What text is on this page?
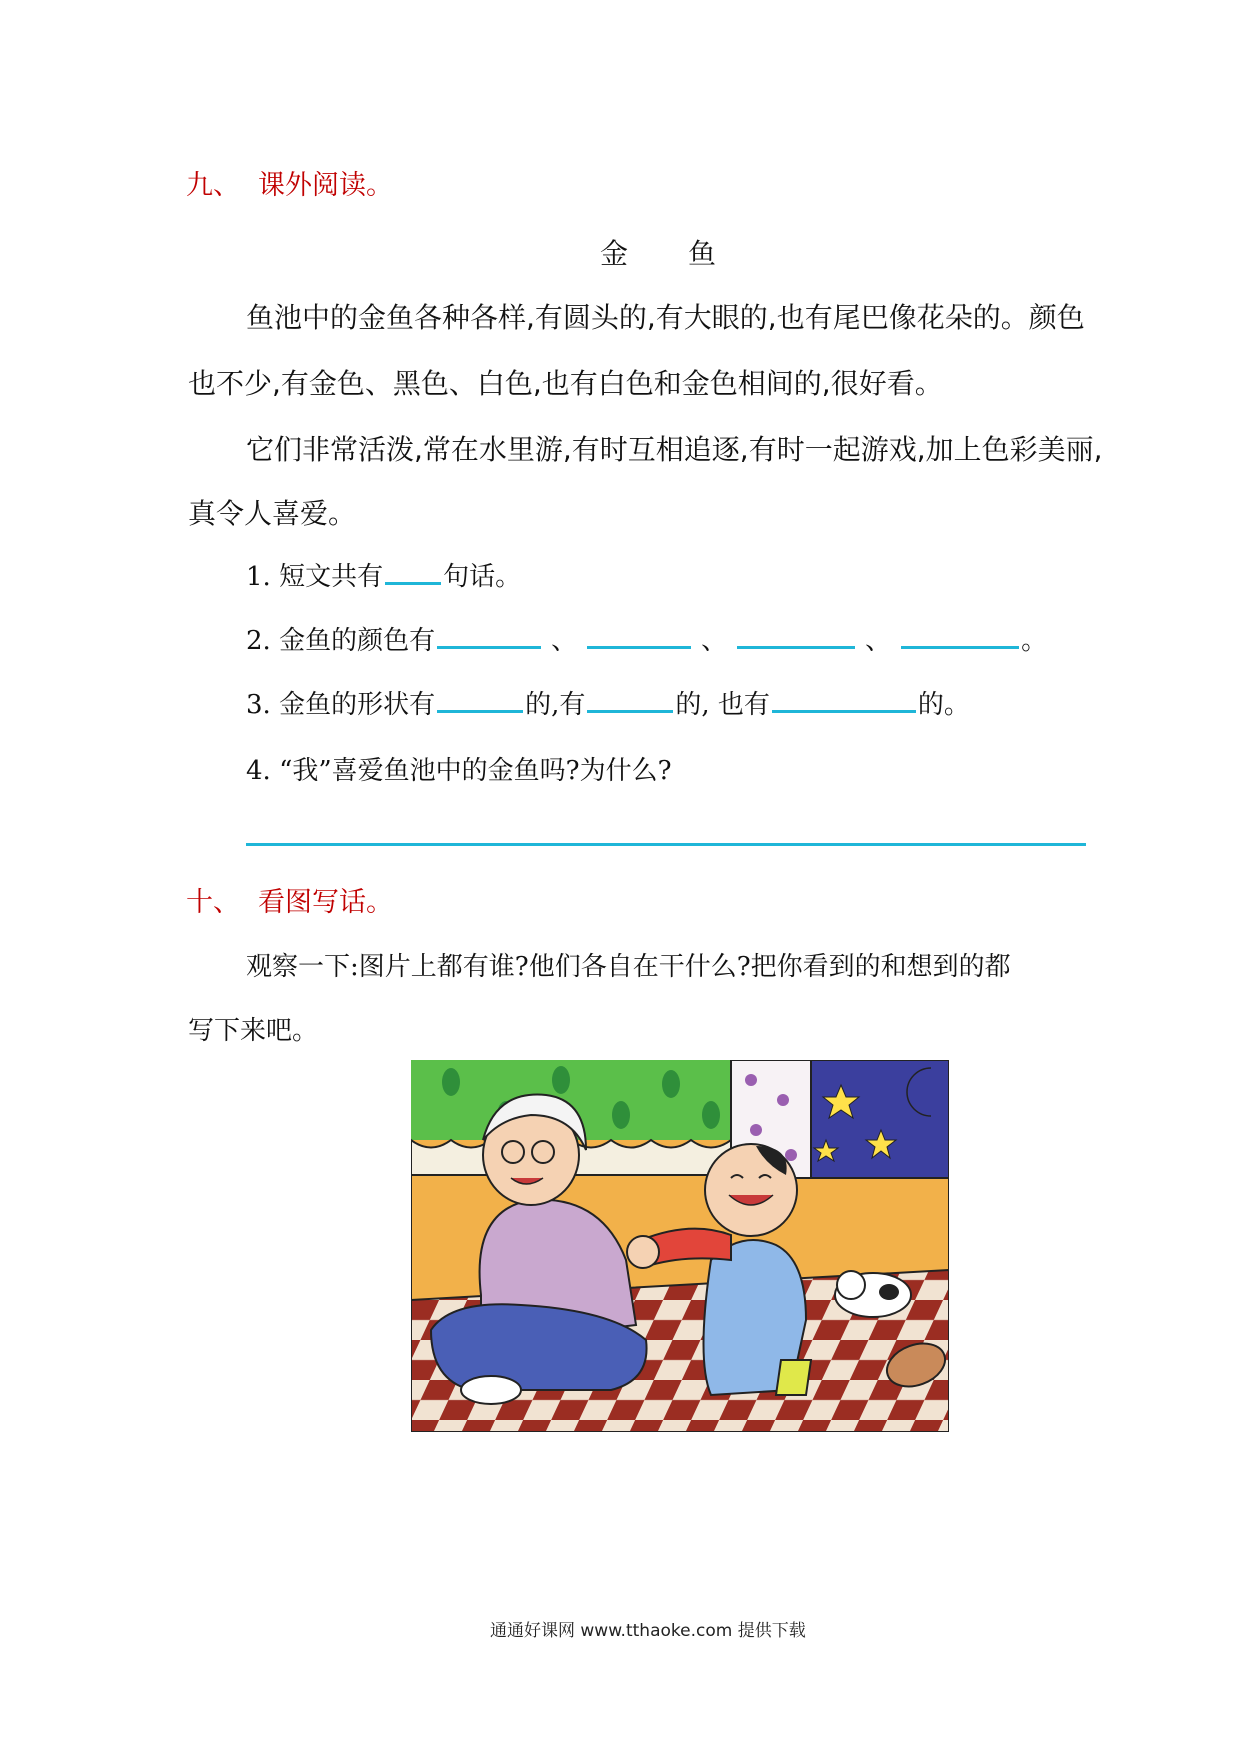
九、 课外阅读。
金 鱼
鱼池中的金鱼各种各样,有圆头的,有大眼的,也有尾巴像花朵的。颜色
也不少,有金色、黑色、白色,也有白色和金色相间的,很好看。
它们非常活泼,常在水里游,有时互相追逐,有时一起游戏,加上色彩美丽,
真令人喜爱。
1. 短文共有 句话。
2. 金鱼的颜色有	、	、	、	。
3. 金鱼的形状有	的,有	的, 也有	的。
4. “我”喜爱鱼池中的金鱼吗?为什么?
十、 看图写话。
观察一下:图片上都有谁?他们各自在干什么?把你看到的和想到的都
写下来吧。
通通好课网 www.tthaoke.com 提供下载
